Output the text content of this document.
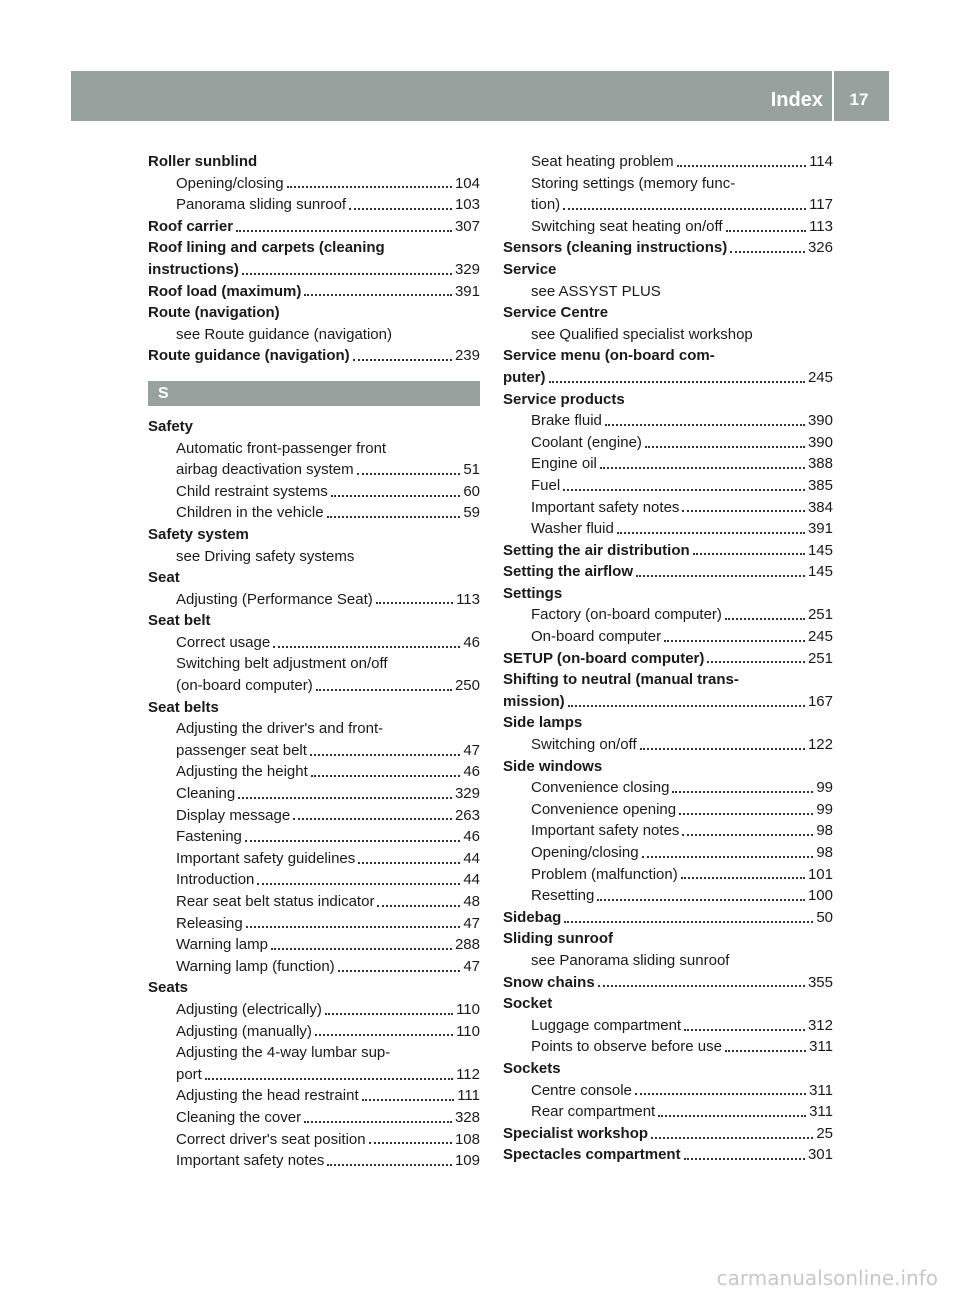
Index	17
Roller sunblind
Opening/closing	104
Panorama sliding sunroof	103
Roof carrier	307
Roof lining and carpets (cleaning
instructions)	329
Roof load (maximum)	391
Route (navigation)
see Route guidance (navigation)
Route guidance (navigation)	239
S
Safety
Automatic front-passenger front
airbag deactivation system	51
Child restraint systems	60
Children in the vehicle	59
Safety system
see Driving safety systems
Seat
Adjusting (Performance Seat)	113
Seat belt
Correct usage	46
Switching belt adjustment on/off
(on-board computer)	250
Seat belts
Adjusting the driver's and front-
passenger seat belt	47
Adjusting the height	46
Cleaning	329
Display message	263
Fastening	46
Important safety guidelines	44
Introduction	44
Rear seat belt status indicator	48
Releasing	47
Warning lamp	288
Warning lamp (function)	47
Seats
Adjusting (electrically)	110
Adjusting (manually)	110
Adjusting the 4-way lumbar sup-
port	112
Adjusting the head restraint	111
Cleaning the cover	328
Correct driver's seat position	108
Important safety notes	109
Seat heating problem	114
Storing settings (memory func-
tion)	117
Switching seat heating on/off	113
Sensors (cleaning instructions)	326
Service
see ASSYST PLUS
Service Centre
see Qualified specialist workshop
Service menu (on-board com-
puter)	245
Service products
Brake fluid	390
Coolant (engine)	390
Engine oil	388
Fuel	385
Important safety notes	384
Washer fluid	391
Setting the air distribution	145
Setting the airflow	145
Settings
Factory (on-board computer)	251
On-board computer	245
SETUP (on-board computer)	251
Shifting to neutral (manual trans-
mission)	167
Side lamps
Switching on/off	122
Side windows
Convenience closing	99
Convenience opening	99
Important safety notes	98
Opening/closing	98
Problem (malfunction)	101
Resetting	100
Sidebag	50
Sliding sunroof
see Panorama sliding sunroof
Snow chains	355
Socket
Luggage compartment	312
Points to observe before use	311
Sockets
Centre console	311
Rear compartment	311
Specialist workshop	25
Spectacles compartment	301
carmanualsonline.info
